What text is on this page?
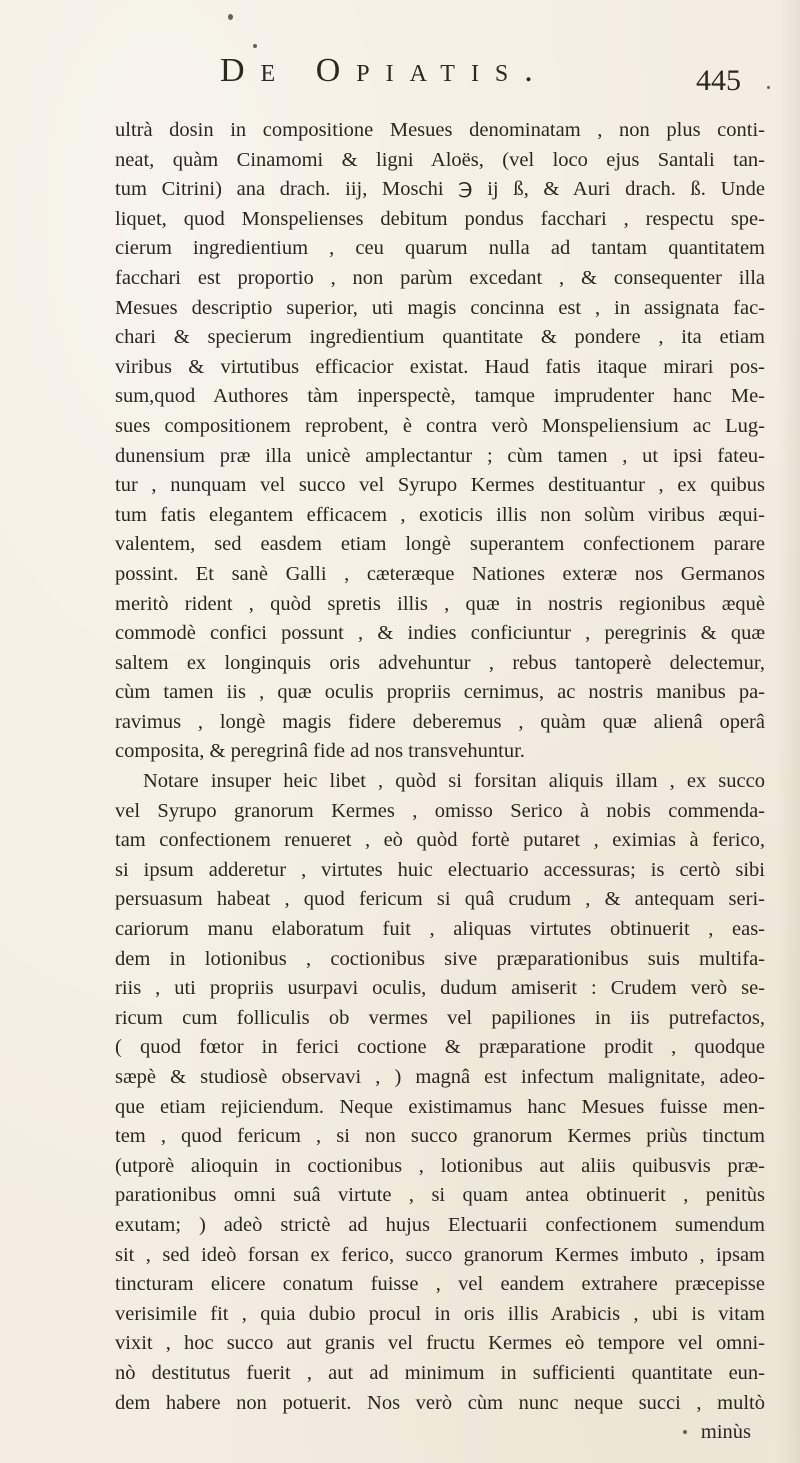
De Opiatis.	445
ultrà dosin in compositione Mesues denominatam , non plus conti-
neat, quàm Cinamomi & ligni Aloës, (vel loco ejus Santali tan-
tum Citrini) ana drach. iij, Moschi ℈ ij ß, & Auri drach. ß. Unde
liquet, quod Monspelienses debitum pondus facchari , respectu spe-
cierum ingredientium , ceu quarum nulla ad tantam quantitatem
facchari est proportio , non parùm excedant , & consequenter illa
Mesues descriptio superior, uti magis concinna est , in assignata fac-
chari & specierum ingredientium quantitate & pondere , ita etiam
viribus & virtutibus efficacior existat. Haud fatis itaque mirari pos-
sum,quod Authores tàm inperspectè, tamque imprudenter hanc Me-
sues compositionem reprobent, è contra verò Monspeliensium ac Lug-
dunensium præ illa unicè amplectantur ; cùm tamen , ut ipsi fateu-
tur , nunquam vel succo vel Syrupo Kermes destituantur , ex quibus
tum fatis elegantem efficacem , exoticis illis non solùm viribus æqui-
valentem, sed easdem etiam longè superantem confectionem parare
possint. Et sanè Galli , cæteræque Nationes exteræ nos Germanos
meritò rident , quòd spretis illis , quæ in nostris regionibus æquè
commodè confici possunt , & indies conficiuntur , peregrinis & quæ
saltem ex longinquis oris advehuntur , rebus tantoperè delectemur,
cùm tamen iis , quæ oculis propriis cernimus, ac nostris manibus pa-
ravimus , longè magis fidere deberemus , quàm quæ alienâ operâ
composita, & peregrinâ fide ad nos transvehuntur.
Notare insuper heic libet , quòd si forsitan aliquis illam , ex succo
vel Syrupo granorum Kermes , omisso Serico à nobis commenda-
tam confectionem renueret , eò quòd fortè putaret , eximias à ferico,
si ipsum adderetur , virtutes huic electuario accessuras; is certò sibi
persuasum habeat , quod fericum si quâ crudum , & antequam seri-
cariorum manu elaboratum fuit , aliquas virtutes obtinuerit , eas-
dem in lotionibus , coctionibus sive præparationibus suis multifa-
riis , uti propriis usurpavi oculis, dudum amiserit : Crudem verò se-
ricum cum folliculis ob vermes vel papiliones in iis putrefactos,
( quod fœtor in ferici coctione & præparatione prodit , quodque
sæpè & studiosè observavi , ) magnâ est infectum malignitate, adeo-
que etiam rejiciendum. Neque existimamus hanc Mesues fuisse men-
tem , quod fericum , si non succo granorum Kermes priùs tinctum
(utporè alioquin in coctionibus , lotionibus aut aliis quibusvis præ-
parationibus omni suâ virtute , si quam antea obtinuerit , penitùs
exutam; ) adeò strictè ad hujus Electuarii confectionem sumendum
sit , sed ideò forsan ex ferico, succo granorum Kermes imbuto , ipsam
tincturam elicere conatum fuisse , vel eandem extrahere præcepisse
verisimile fit , quia dubio procul in oris illis Arabicis , ubi is vitam
vixit , hoc succo aut granis vel fructu Kermes eò tempore vel omni-
nò destitutus fuerit , aut ad minimum in sufficienti quantitate eun-
dem habere non potuerit. Nos verò cùm nunc neque succi , multò
minùs
